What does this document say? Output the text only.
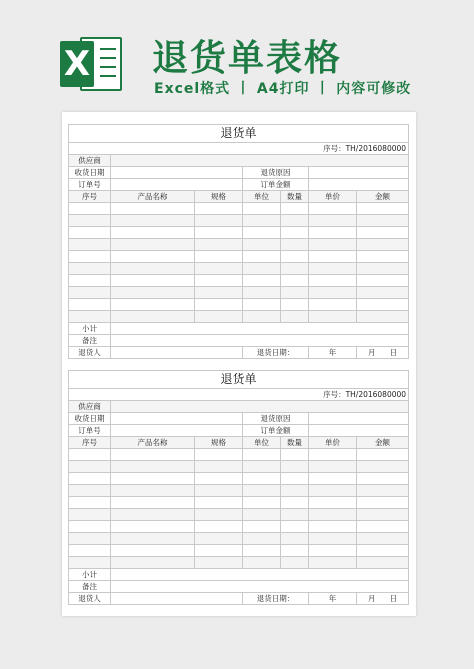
X 退货单表格
Excel格式 丨 A4打印 丨 内容可修改
退货单						
序号：TH/2016080000						
供应商						
收货日期			退货原因			
订单号			订单金额			
序号	产品名称	规格	单位	数量	单价	金额

小计						
备注						
退货人			退货日期：		年	月 日
退货单						
序号：TH/2016080000						
供应商						
收货日期			退货原因			
订单号			订单金额			
序号	产品名称	规格	单位	数量	单价	金额

小计						
备注						
退货人			退货日期：		年	月 日
